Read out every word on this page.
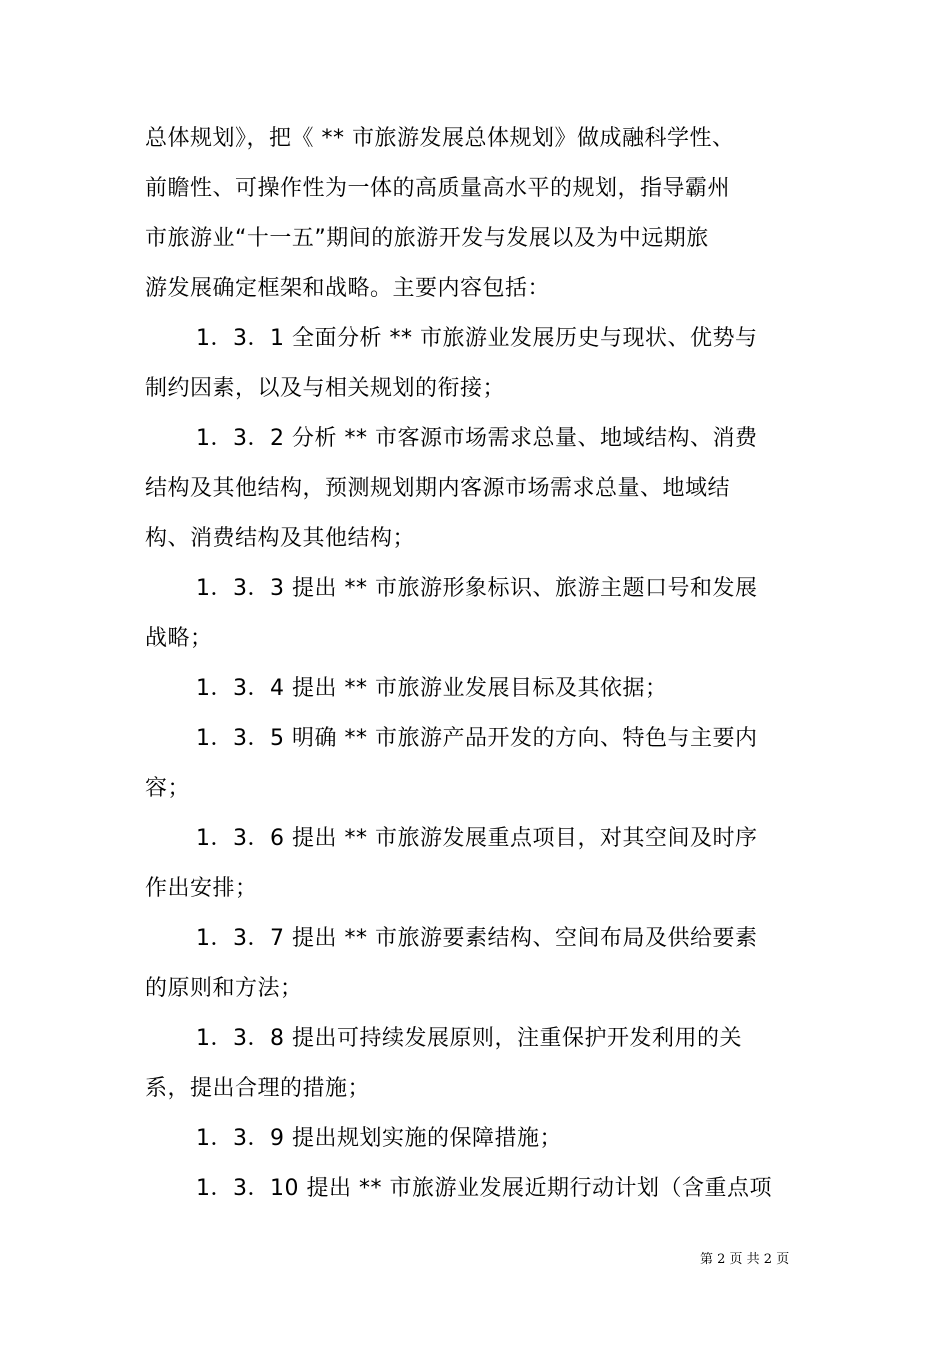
总体规划》，把《 ** 市旅游发展总体规划》做成融科学性、
前瞻性、可操作性为一体的高质量高水平的规划，指导霸州
市旅游业“十一五”期间的旅游开发与发展以及为中远期旅
游发展确定框架和战略。主要内容包括：
1．3．1 全面分析 ** 市旅游业发展历史与现状、优势与
制约因素，以及与相关规划的衔接；
1．3．2 分析 ** 市客源市场需求总量、地域结构、消费
结构及其他结构，预测规划期内客源市场需求总量、地域结
构、消费结构及其他结构；
1．3．3 提出 ** 市旅游形象标识、旅游主题口号和发展
战略；
1．3．4 提出 ** 市旅游业发展目标及其依据；
1．3．5 明确 ** 市旅游产品开发的方向、特色与主要内
容；
1．3．6 提出 ** 市旅游发展重点项目，对其空间及时序
作出安排；
1．3．7 提出 ** 市旅游要素结构、空间布局及供给要素
的原则和方法；
1．3．8 提出可持续发展原则，注重保护开发利用的关
系，提出合理的措施；
1．3．9 提出规划实施的保障措施；
1．3．10 提出 ** 市旅游业发展近期行动计划（含重点项
第 2 页 共 2 页
